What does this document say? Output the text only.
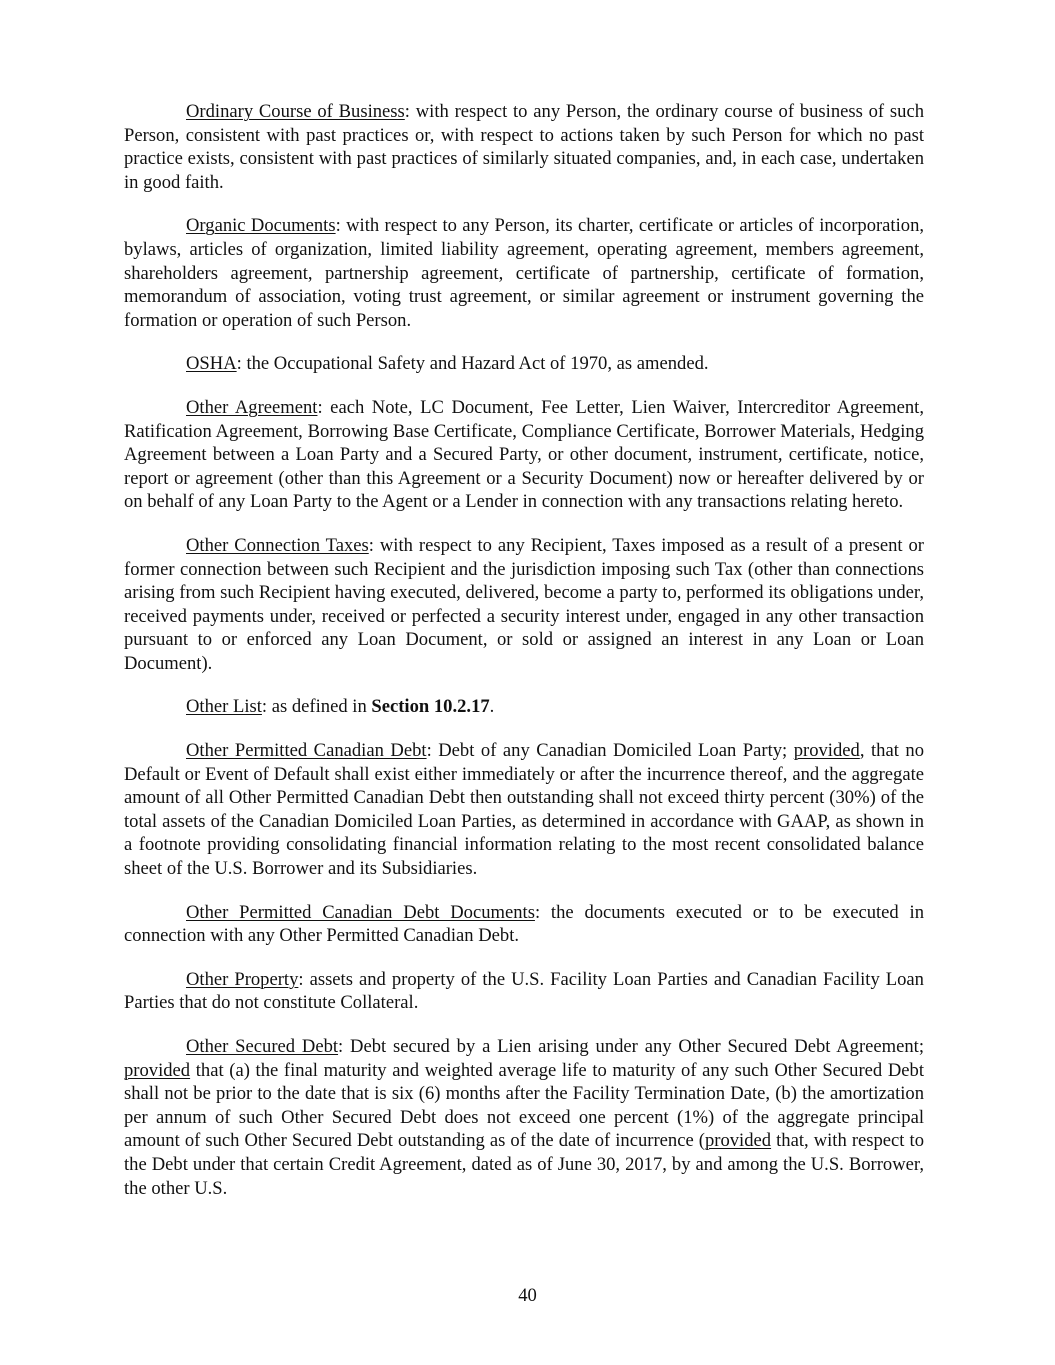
Ordinary Course of Business: with respect to any Person, the ordinary course of business of such Person, consistent with past practices or, with respect to actions taken by such Person for which no past practice exists, consistent with past practices of similarly situated companies, and, in each case, undertaken in good faith.

Organic Documents: with respect to any Person, its charter, certificate or articles of incorporation, bylaws, articles of organization, limited liability agreement, operating agreement, members agreement, shareholders agreement, partnership agreement, certificate of partnership, certificate of formation, memorandum of association, voting trust agreement, or similar agreement or instrument governing the formation or operation of such Person.

OSHA: the Occupational Safety and Hazard Act of 1970, as amended.

Other Agreement: each Note, LC Document, Fee Letter, Lien Waiver, Intercreditor Agreement, Ratification Agreement, Borrowing Base Certificate, Compliance Certificate, Borrower Materials, Hedging Agreement between a Loan Party and a Secured Party, or other document, instrument, certificate, notice, report or agreement (other than this Agreement or a Security Document) now or hereafter delivered by or on behalf of any Loan Party to the Agent or a Lender in connection with any transactions relating hereto.

Other Connection Taxes: with respect to any Recipient, Taxes imposed as a result of a present or former connection between such Recipient and the jurisdiction imposing such Tax (other than connections arising from such Recipient having executed, delivered, become a party to, performed its obligations under, received payments under, received or perfected a security interest under, engaged in any other transaction pursuant to or enforced any Loan Document, or sold or assigned an interest in any Loan or Loan Document).

Other List: as defined in Section 10.2.17.

Other Permitted Canadian Debt: Debt of any Canadian Domiciled Loan Party; provided, that no Default or Event of Default shall exist either immediately or after the incurrence thereof, and the aggregate amount of all Other Permitted Canadian Debt then outstanding shall not exceed thirty percent (30%) of the total assets of the Canadian Domiciled Loan Parties, as determined in accordance with GAAP, as shown in a footnote providing consolidating financial information relating to the most recent consolidated balance sheet of the U.S. Borrower and its Subsidiaries.

Other Permitted Canadian Debt Documents: the documents executed or to be executed in connection with any Other Permitted Canadian Debt.

Other Property: assets and property of the U.S. Facility Loan Parties and Canadian Facility Loan Parties that do not constitute Collateral.

Other Secured Debt: Debt secured by a Lien arising under any Other Secured Debt Agreement; provided that (a) the final maturity and weighted average life to maturity of any such Other Secured Debt shall not be prior to the date that is six (6) months after the Facility Termination Date, (b) the amortization per annum of such Other Secured Debt does not exceed one percent (1%) of the aggregate principal amount of such Other Secured Debt outstanding as of the date of incurrence (provided that, with respect to the Debt under that certain Credit Agreement, dated as of June 30, 2017, by and among the U.S. Borrower, the other U.S.

40
